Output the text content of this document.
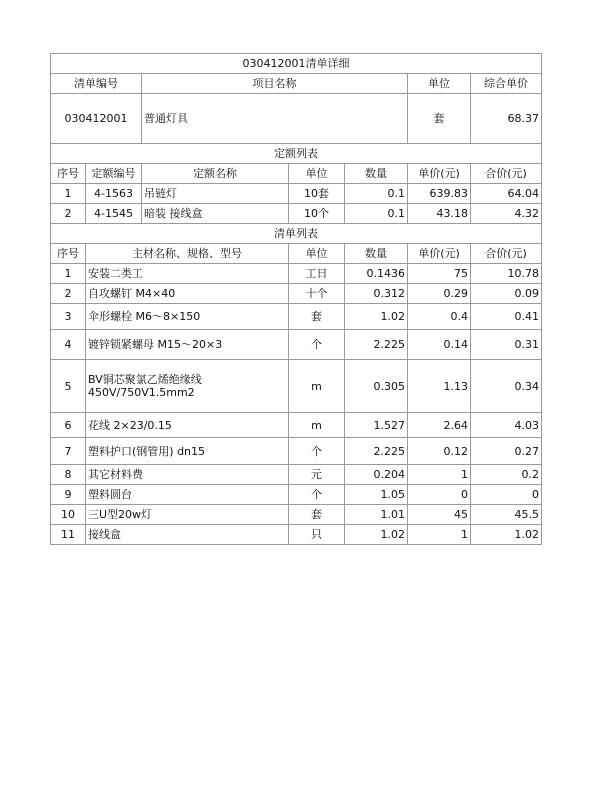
030412001清单详细						
清单编号		项目名称			单位	综合单价
030412001		普通灯具			套	68.37
定额列表						
序号	定额编号	定额名称	单位	数量	单价(元)	合价(元)
1	4-1563	吊链灯	10套	0.1	639.83	64.04
2	4-1545	暗装 接线盒	10个	0.1	43.18	4.32
清单列表						
序号	主材名称、规格、型号		单位	数量	单价(元)	合价(元)
1	安装二类工		工日	0.1436	75	10.78
2	自攻螺钉 M4×40		十个	0.312	0.29	0.09
3	伞形螺栓 M6～8×150		套	1.02	0.4	0.41
4	镀锌锁紧螺母 M15～20×3		个	2.225	0.14	0.31
5	BV铜芯聚氯乙烯绝缘线 450V/750V1.5mm2		m	0.305	1.13	0.34
6	花线 2×23/0.15		m	1.527	2.64	4.03
7	塑料护口(钢管用) dn15		个	2.225	0.12	0.27
8	其它材料费		元	0.204	1	0.2
9	塑料圆台		个	1.05	0	0
10	三U型20w灯		套	1.01	45	45.5
11	接线盒		只	1.02	1	1.02
